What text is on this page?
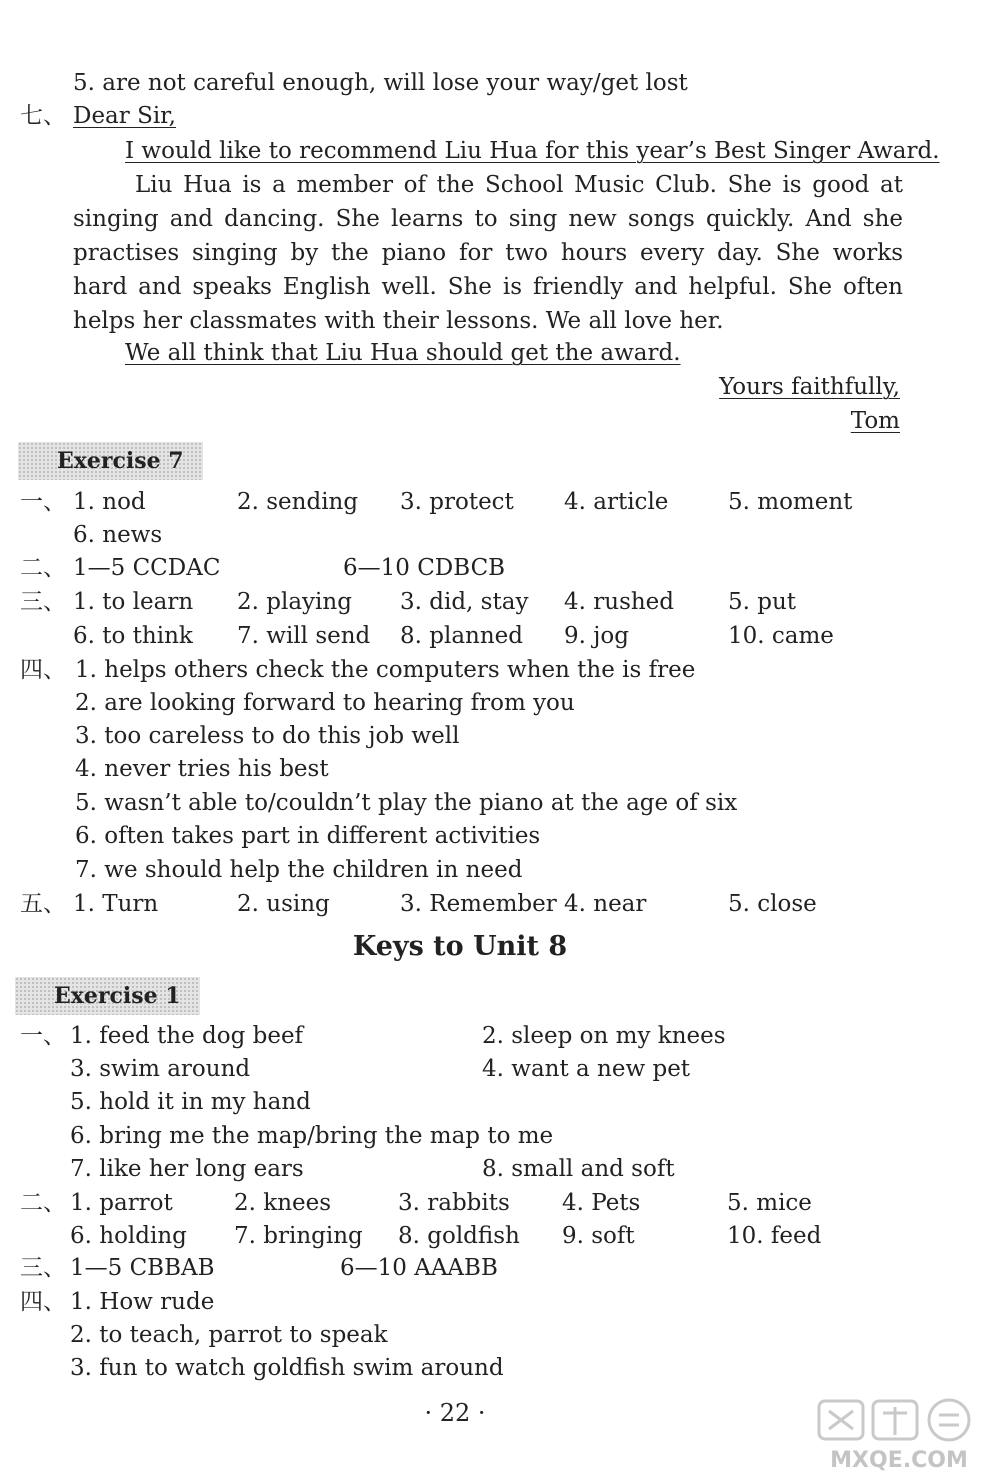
5. are not careful enough, will lose your way/get lost
七、 Dear Sir,
I would like to recommend Liu Hua for this year’s Best Singer Award.
Liu Hua is a member of the School Music Club. She is good at singing and dancing. She learns to sing new songs quickly. And she practises singing by the piano for two hours every day. She works hard and speaks English well. She is friendly and helpful. She often helps her classmates with their lessons. We all love her.
We all think that Liu Hua should get the award.
Yours faithfully,
Tom
Exercise 7
一、 1. nod	2. sending 3. protect 4. article	5. moment
6. news
二、 1—5 CCDAC	6—10 CDBCB
三、 1. to learn 2. playing 3. did, stay 4. rushed 5. put
6. to think 7. will send 8. planned 9. jog	10. came
四、 1. helps others check the computers when the is free
2. are looking forward to hearing from you
3. too careless to do this job well
4. never tries his best
5. wasn’t able to/couldn’t play the piano at the age of six
6. often takes part in different activities
7. we should help the children in need
五、 1. Turn	2. using	3. Remember 4. near	5. close
Keys to Unit 8
Exercise 1
一、 1. feed the dog beef	2. sleep on my knees
3. swim around	4. want a new pet
5. hold it in my hand
6. bring me the map/bring the map to me
7. like her long ears	8. small and soft
二、 1. parrot	2. knees	3. rabbits 4. Pets	5. mice
6. holding 7. bringing 8. goldfish 9. soft	10. feed
三、 1—5 CBBAB	6—10 AAABB
四、 1. How rude
2. to teach, parrot to speak
3. fun to watch goldfish swim around
· 22 ·
MXQE.COM
